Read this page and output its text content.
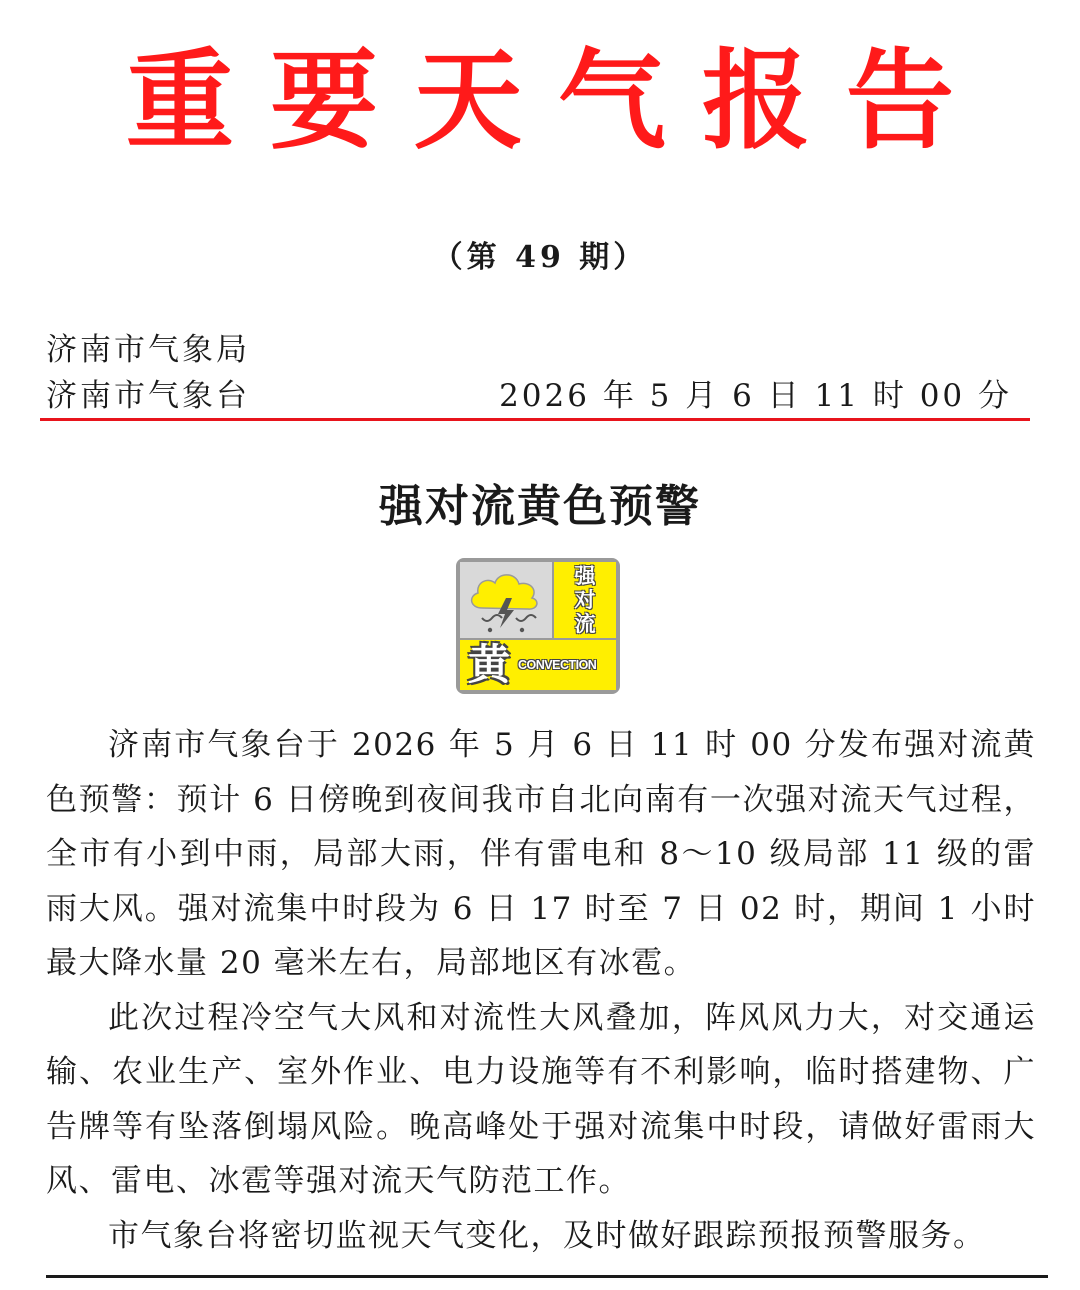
重要天气报告
（第 49 期）
济南市气象局
济南市气象台	2026 年 5 月 6 日 11 时 00 分
强对流黄色预警
强
对
流
黄 CONVECTION

济南市气象台于 2026 年 5 月 6 日 11 时 00 分发布强对流黄色预警：预计 6 日傍晚到夜间我市自北向南有一次强对流天气过程，全市有小到中雨，局部大雨，伴有雷电和 8～10 级局部 11 级的雷雨大风。强对流集中时段为 6 日 17 时至 7 日 02 时，期间 1 小时最大降水量 20 毫米左右，局部地区有冰雹。

此次过程冷空气大风和对流性大风叠加，阵风风力大，对交通运输、农业生产、室外作业、电力设施等有不利影响，临时搭建物、广告牌等有坠落倒塌风险。晚高峰处于强对流集中时段，请做好雷雨大风、雷电、冰雹等强对流天气防范工作。

市气象台将密切监视天气变化，及时做好跟踪预报预警服务。
